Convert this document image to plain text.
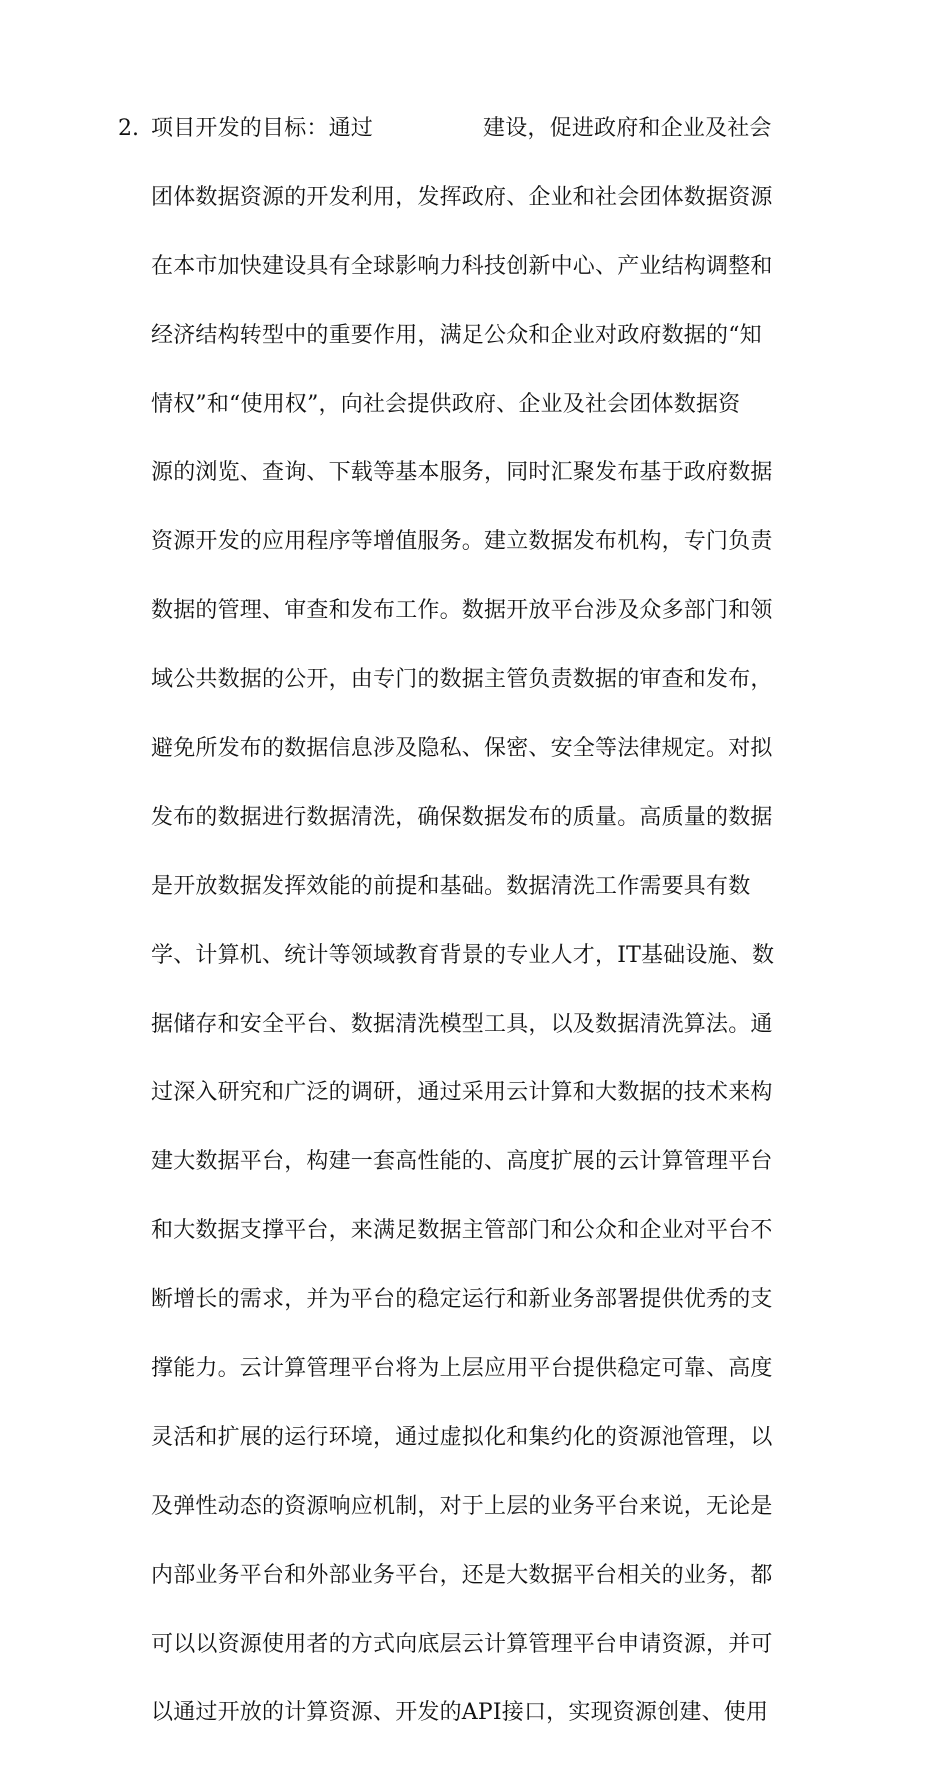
2. 项目开发的目标：通过	建设，促进政府和企业及社会
团体数据资源的开发利用，发挥政府、企业和社会团体数据资源
在本市加快建设具有全球影响力科技创新中心、产业结构调整和
经济结构转型中的重要作用，满足公众和企业对政府数据的“知
情权”和“使用权”，向社会提供政府、企业及社会团体数据资
源的浏览、查询、下载等基本服务，同时汇聚发布基于政府数据
资源开发的应用程序等增值服务。建立数据发布机构，专门负责
数据的管理、审查和发布工作。数据开放平台涉及众多部门和领
域公共数据的公开，由专门的数据主管负责数据的审查和发布，
避免所发布的数据信息涉及隐私、保密、安全等法律规定。对拟
发布的数据进行数据清洗，确保数据发布的质量。高质量的数据
是开放数据发挥效能的前提和基础。数据清洗工作需要具有数
学、计算机、统计等领域教育背景的专业人才，IT基础设施、数
据储存和安全平台、数据清洗模型工具，以及数据清洗算法。通
过深入研究和广泛的调研，通过采用云计算和大数据的技术来构
建大数据平台，构建一套高性能的、高度扩展的云计算管理平台
和大数据支撑平台，来满足数据主管部门和公众和企业对平台不
断增长的需求，并为平台的稳定运行和新业务部署提供优秀的支
撑能力。云计算管理平台将为上层应用平台提供稳定可靠、高度
灵活和扩展的运行环境，通过虚拟化和集约化的资源池管理，以
及弹性动态的资源响应机制，对于上层的业务平台来说，无论是
内部业务平台和外部业务平台，还是大数据平台相关的业务，都
可以以资源使用者的方式向底层云计算管理平台申请资源，并可
以通过开放的计算资源、开发的API接口，实现资源创建、使用
